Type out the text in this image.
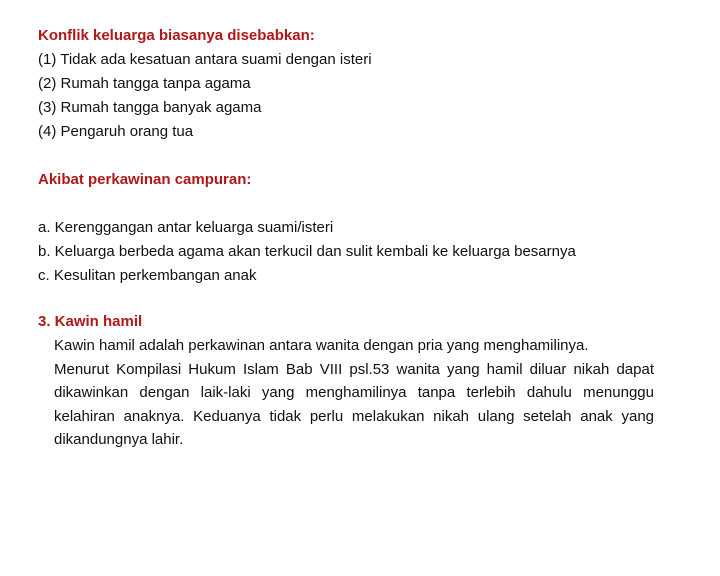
Konflik keluarga biasanya disebabkan:
(1) Tidak ada kesatuan antara suami dengan isteri
(2) Rumah tangga tanpa agama
(3) Rumah tangga banyak agama
(4) Pengaruh orang tua
Akibat perkawinan campuran:
a. Kerenggangan antar keluarga suami/isteri
b. Keluarga berbeda agama akan terkucil dan sulit kembali ke keluarga besarnya
c. Kesulitan perkembangan anak
3. Kawin hamil
Kawin hamil adalah perkawinan antara wanita dengan pria yang menghamilinya.
Menurut Kompilasi Hukum Islam Bab VIII psl.53 wanita yang hamil diluar nikah dapat dikawinkan dengan laik-laki yang menghamilinya tanpa terlebih dahulu menunggu kelahiran anaknya. Keduanya tidak perlu melakukan nikah ulang setelah anak yang dikandungnya lahir.
